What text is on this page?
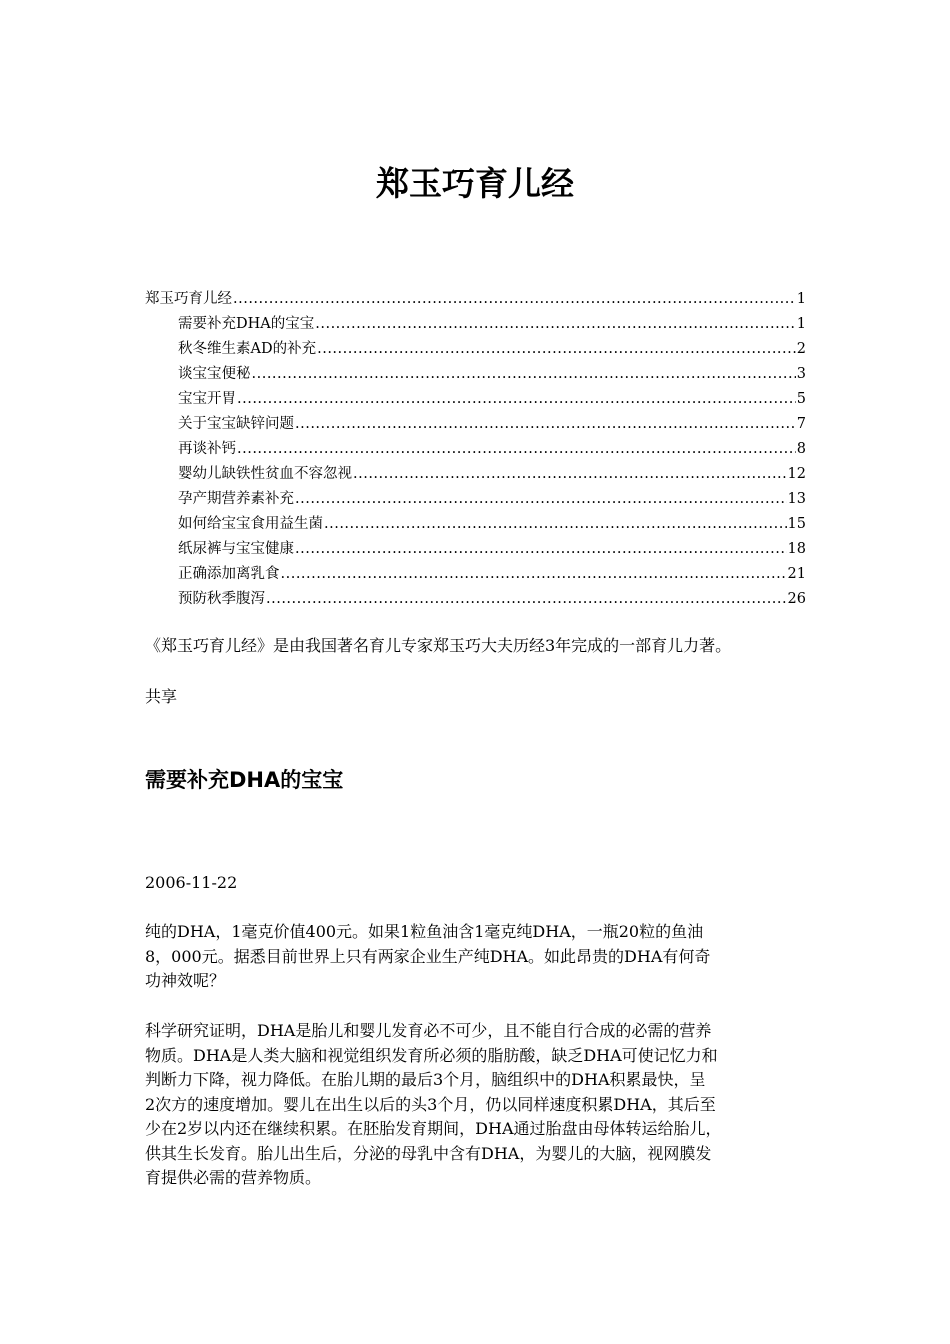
郑玉巧育儿经
郑玉巧育儿经 .....	1
需要补充DHA的宝宝 .....	1
秋冬维生素AD的补充 .....	2
谈宝宝便秘 .....	3
宝宝开胃 .....	5
关于宝宝缺锌问题 .....	7
再谈补钙 .....	8
婴幼儿缺铁性贫血不容忽视 .....	12
孕产期营养素补充 .....	13
如何给宝宝食用益生菌 .....	15
纸尿裤与宝宝健康 .....	18
正确添加离乳食 .....	21
预防秋季腹泻 .....	26

《郑玉巧育儿经》是由我国著名育儿专家郑玉巧大夫历经3年完成的一部育儿力著。

共享

需要补充DHA的宝宝

2006-11-22

纯的DHA，1毫克价值400元。如果1粒鱼油含1毫克纯DHA，一瓶20粒的鱼油
8，000元。据悉目前世界上只有两家企业生产纯DHA。如此昂贵的DHA有何奇
功神效呢？

科学研究证明，DHA是胎儿和婴儿发育必不可少，且不能自行合成的必需的营养
物质。DHA是人类大脑和视觉组织发育所必须的脂肪酸，缺乏DHA可使记忆力和
判断力下降，视力降低。在胎儿期的最后3个月，脑组织中的DHA积累最快，呈
2次方的速度增加。婴儿在出生以后的头3个月，仍以同样速度积累DHA，其后至
少在2岁以内还在继续积累。在胚胎发育期间，DHA通过胎盘由母体转运给胎儿，
供其生长发育。胎儿出生后，分泌的母乳中含有DHA，为婴儿的大脑，视网膜发
育提供必需的营养物质。
